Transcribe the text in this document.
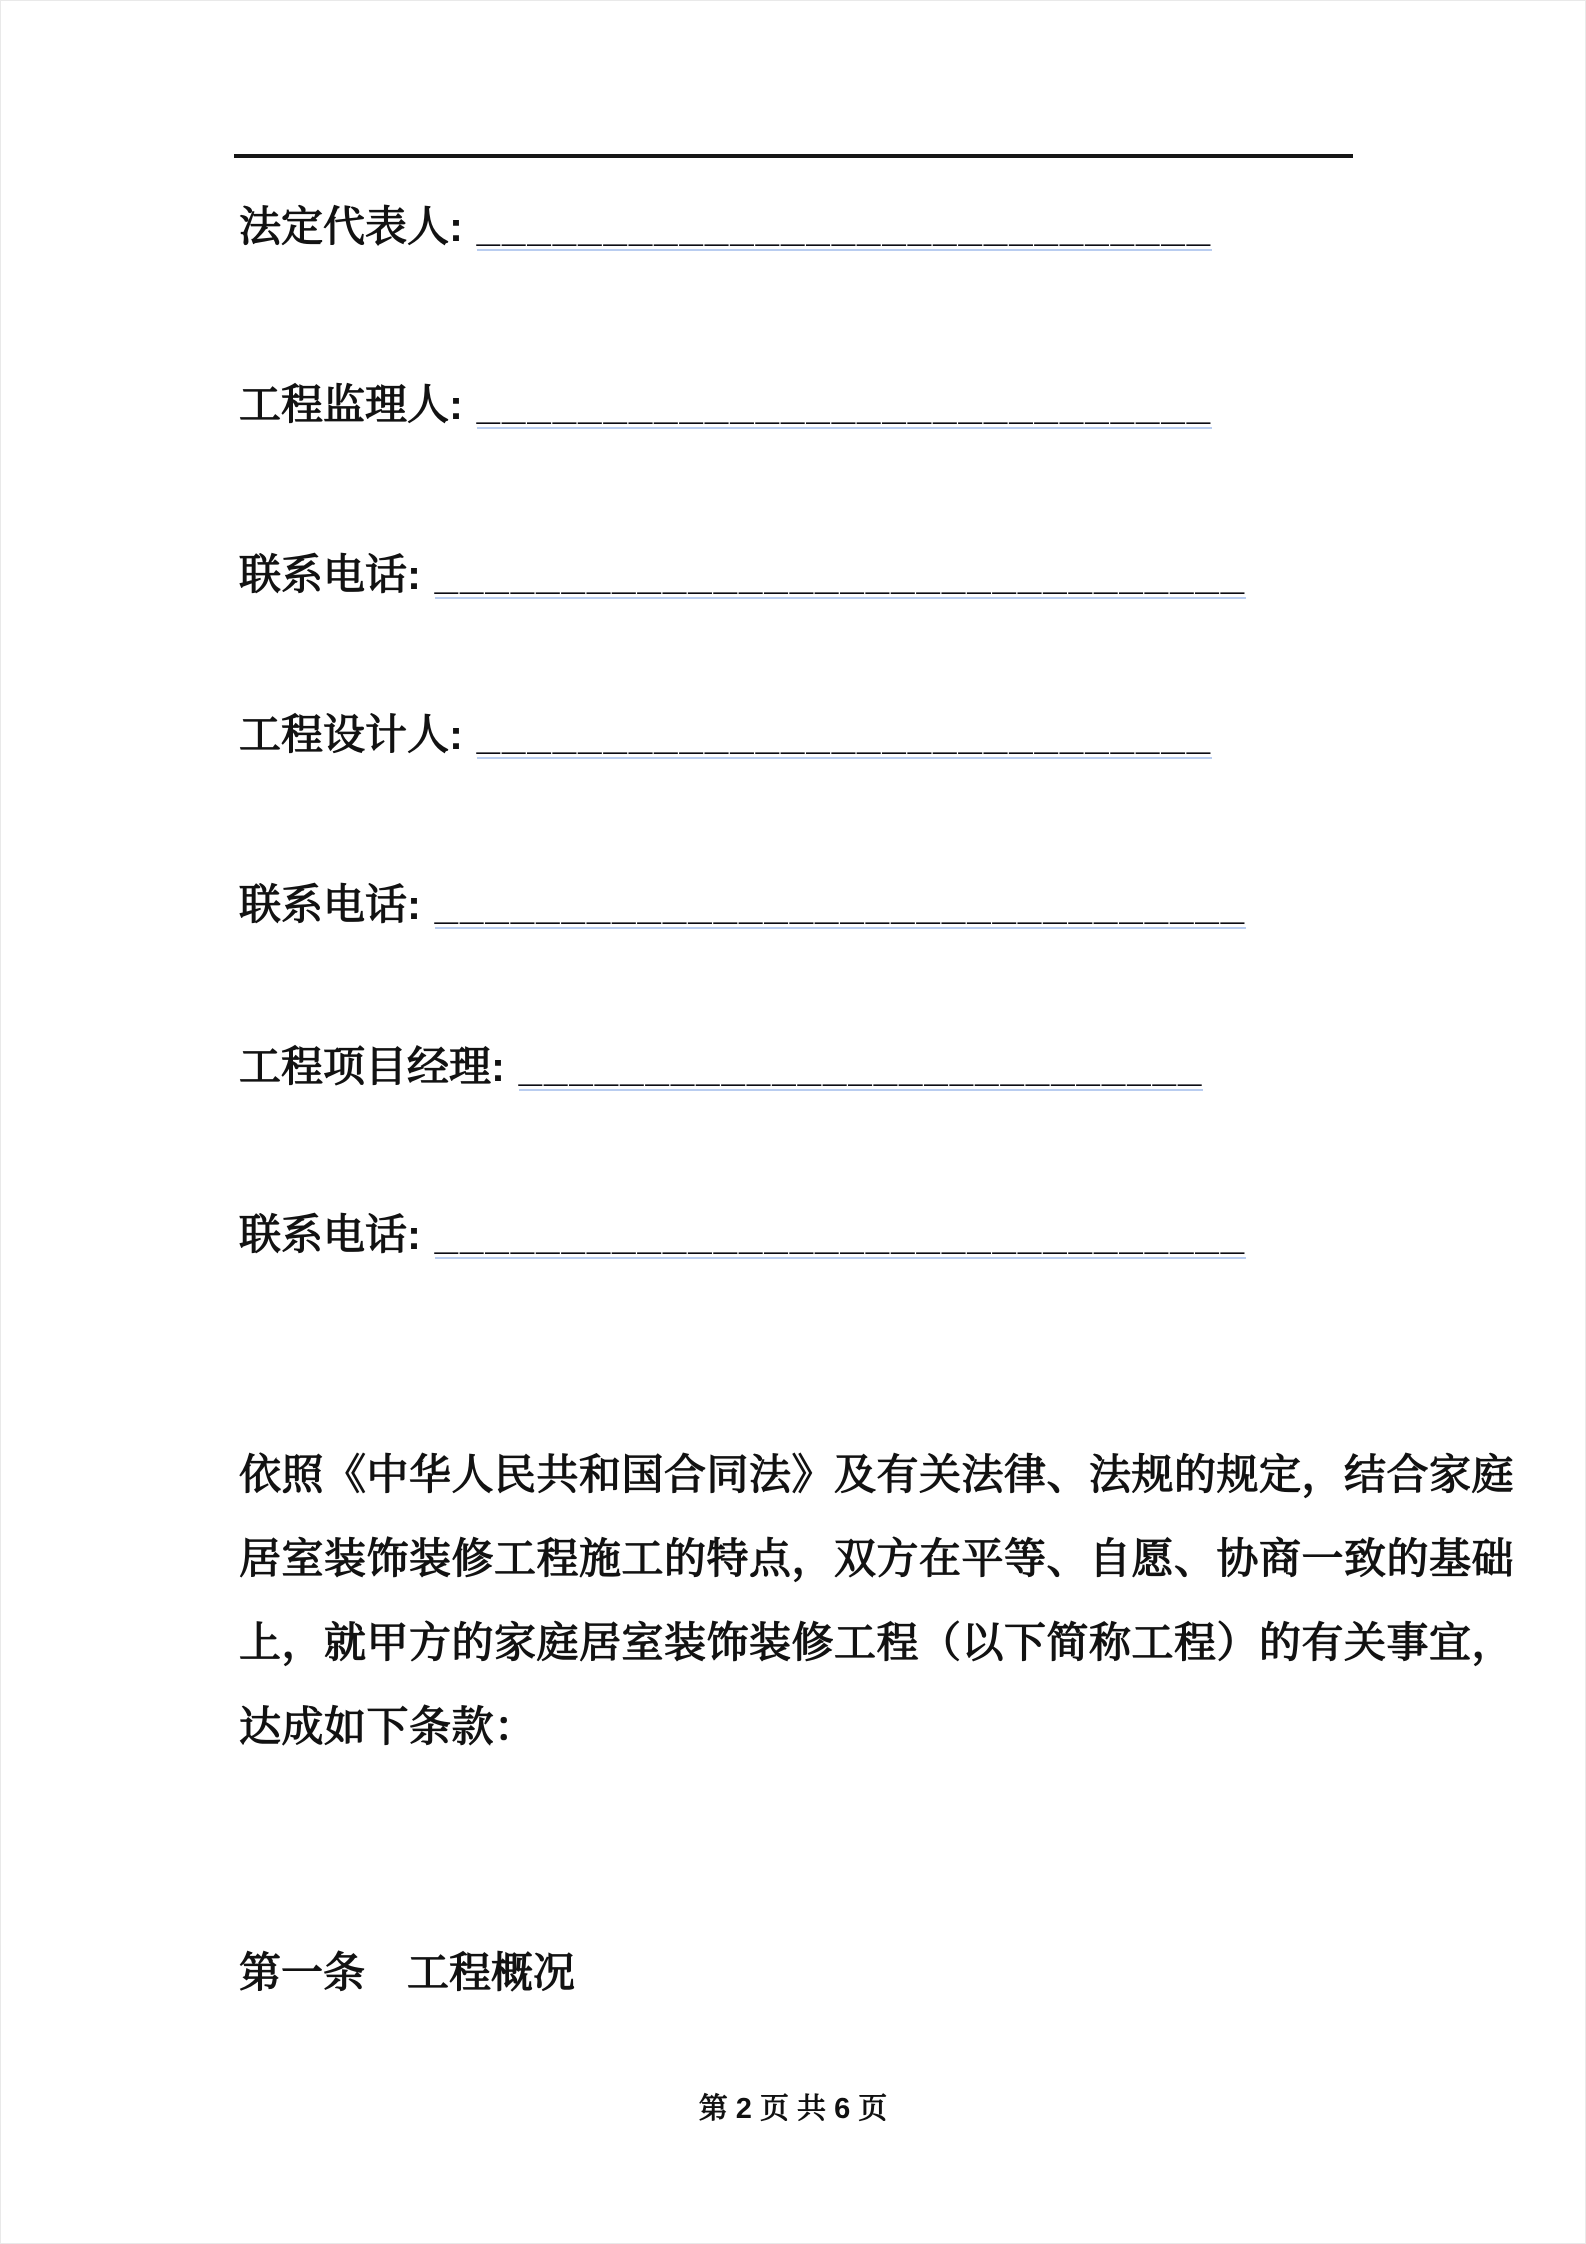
法定代表人: _____________________________
工程监理人: _____________________________
联系电话: ________________________________
工程设计人: _____________________________
联系电话: ________________________________
工程项目经理: ___________________________
联系电话: ________________________________
依照《中华人民共和国合同法》及有关法律、法规的规定，结合家庭
居室装饰装修工程施工的特点，双方在平等、自愿、协商一致的基础
上，就甲方的家庭居室装饰装修工程（以下简称工程）的有关事宜，
达成如下条款：
第一条　工程概况
第 2 页 共 6 页
